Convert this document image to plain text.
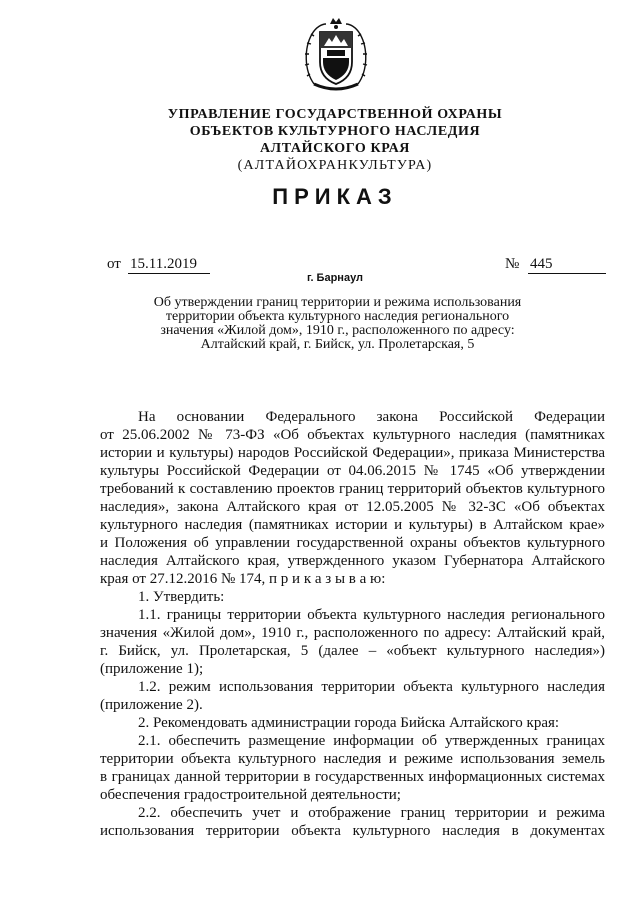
УПРАВЛЕНИЕ ГОСУДАРСТВЕННОЙ ОХРАНЫ
ОБЪЕКТОВ КУЛЬТУРНОГО НАСЛЕДИЯ
АЛТАЙСКОГО КРАЯ
(АЛТАЙОХРАНКУЛЬТУРА)
ПРИКАЗ
от 15.11.2019	№ 445
г. Барнаул
Об утверждении границ территории и режима использования
территории объекта культурного наследия регионального
значения «Жилой дом», 1910 г., расположенного по адресу:
Алтайский край, г. Бийск, ул. Пролетарская, 5
На основании Федерального закона Российской Федерации
от 25.06.2002 № 73-ФЗ «Об объектах культурного наследия (памятниках
истории и культуры) народов Российской Федерации», приказа Министерства
культуры Российской Федерации от 04.06.2015 № 1745 «Об утверждении
требований к составлению проектов границ территорий объектов культурного
наследия», закона Алтайского края от 12.05.2005 № 32-ЗС «Об объектах
культурного наследия (памятниках истории и культуры) в Алтайском крае»
и Положения об управлении государственной охраны объектов культурного
наследия Алтайского края, утвержденного указом Губернатора Алтайского
края от 27.12.2016 № 174, п р и к а з ы в а ю:
1. Утвердить:
1.1. границы территории объекта культурного наследия регионального
значения «Жилой дом», 1910 г., расположенного по адресу: Алтайский край,
г. Бийск, ул. Пролетарская, 5 (далее – «объект культурного наследия»)
(приложение 1);
1.2. режим использования территории объекта культурного наследия
(приложение 2).
2. Рекомендовать администрации города Бийска Алтайского края:
2.1. обеспечить размещение информации об утвержденных границах
территории объекта культурного наследия и режиме использования земель
в границах данной территории в государственных информационных системах
обеспечения градостроительной деятельности;
2.2. обеспечить учет и отображение границ территории и режима
использования территории объекта культурного наследия в документах
